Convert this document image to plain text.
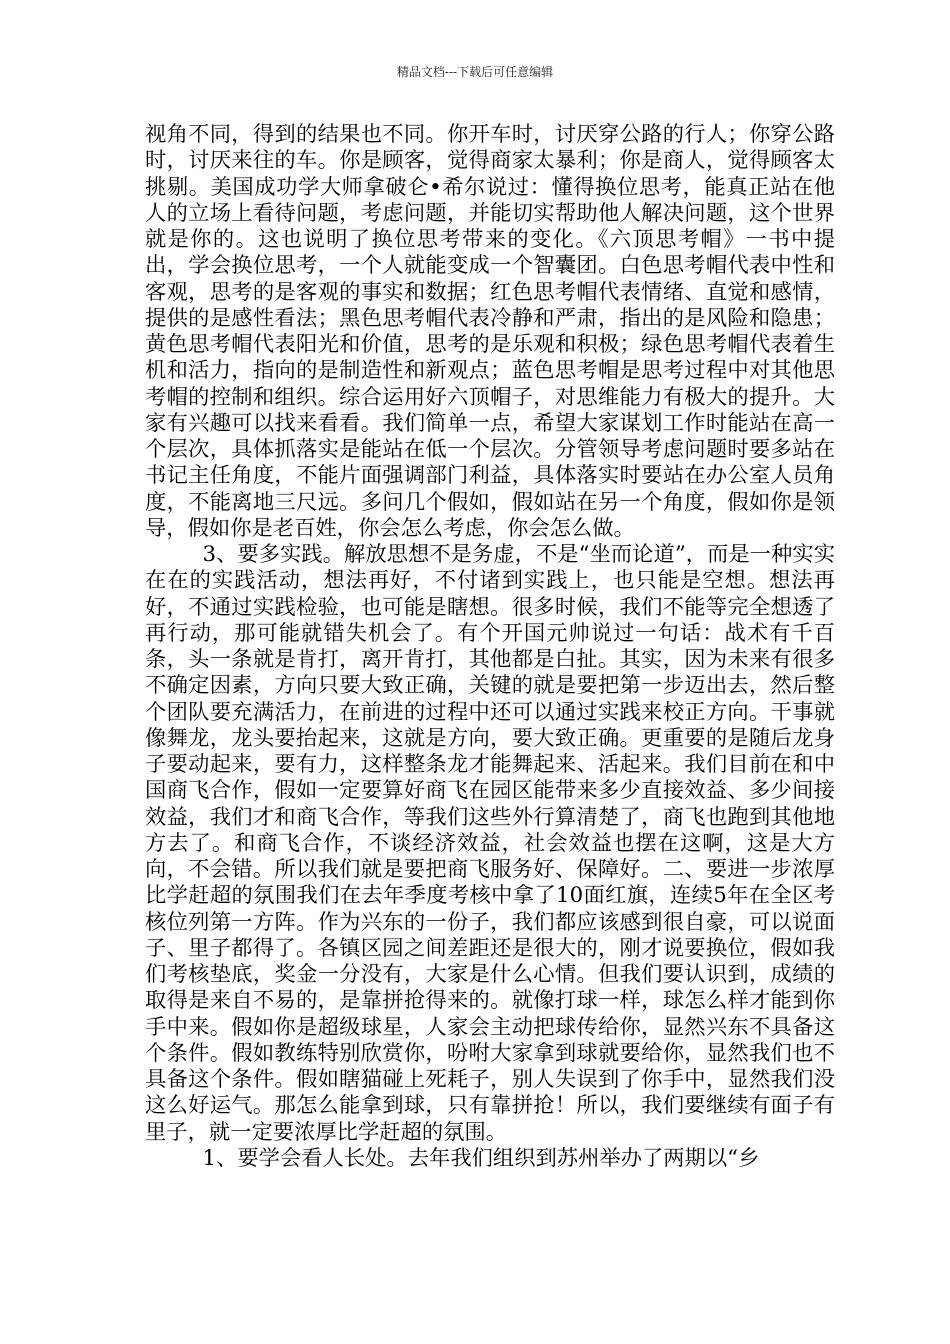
精品文档---下载后可任意编辑

视角不同，得到的结果也不同。你开车时，讨厌穿公路的行人；你穿公路时，讨厌来往的车。你是顾客，觉得商家太暴利；你是商人，觉得顾客太挑剔。美国成功学大师拿破仑•希尔说过：懂得换位思考，能真正站在他人的立场上看待问题，考虑问题，并能切实帮助他人解决问题，这个世界就是你的。这也说明了换位思考带来的变化。《六顶思考帽》一书中提出，学会换位思考，一个人就能变成一个智囊团。白色思考帽代表中性和客观，思考的是客观的事实和数据；红色思考帽代表情绪、直觉和感情，提供的是感性看法；黑色思考帽代表冷静和严肃，指出的是风险和隐患；黄色思考帽代表阳光和价值，思考的是乐观和积极；绿色思考帽代表着生机和活力，指向的是制造性和新观点；蓝色思考帽是思考过程中对其他思考帽的控制和组织。综合运用好六顶帽子，对思维能力有极大的提升。大家有兴趣可以找来看看。我们简单一点，希望大家谋划工作时能站在高一个层次，具体抓落实是能站在低一个层次。分管领导考虑问题时要多站在书记主任角度，不能片面强调部门利益，具体落实时要站在办公室人员角度，不能离地三尺远。多问几个假如，假如站在另一个角度，假如你是领导，假如你是老百姓，你会怎么考虑，你会怎么做。

3、要多实践。解放思想不是务虚，不是“坐而论道”，而是一种实实在在的实践活动，想法再好，不付诸到实践上，也只能是空想。想法再好，不通过实践检验，也可能是瞎想。很多时候，我们不能等完全想透了再行动，那可能就错失机会了。有个开国元帅说过一句话：战术有千百条，头一条就是肯打，离开肯打，其他都是白扯。其实，因为未来有很多不确定因素，方向只要大致正确，关键的就是要把第一步迈出去，然后整个团队要充满活力，在前进的过程中还可以通过实践来校正方向。干事就像舞龙，龙头要抬起来，这就是方向，要大致正确。更重要的是随后龙身子要动起来，要有力，这样整条龙才能舞起来、活起来。我们目前在和中国商飞合作，假如一定要算好商飞在园区能带来多少直接效益、多少间接效益，我们才和商飞合作，等我们这些外行算清楚了，商飞也跑到其他地方去了。和商飞合作，不谈经济效益，社会效益也摆在这啊，这是大方向，不会错。所以我们就是要把商飞服务好、保障好。二、要进一步浓厚比学赶超的氛围我们在去年季度考核中拿了10面红旗，连续5年在全区考核位列第一方阵。作为兴东的一份子，我们都应该感到很自豪，可以说面子、里子都得了。各镇区园之间差距还是很大的，刚才说要换位，假如我们考核垫底，奖金一分没有，大家是什么心情。但我们要认识到，成绩的取得是来自不易的，是靠拼抢得来的。就像打球一样，球怎么样才能到你手中来。假如你是超级球星，人家会主动把球传给你，显然兴东不具备这个条件。假如教练特别欣赏你，吩咐大家拿到球就要给你，显然我们也不具备这个条件。假如瞎猫碰上死耗子，别人失误到了你手中，显然我们没这么好运气。那怎么能拿到球，只有靠拼抢！所以，我们要继续有面子有里子，就一定要浓厚比学赶超的氛围。

1、要学会看人长处。去年我们组织到苏州举办了两期以“乡
